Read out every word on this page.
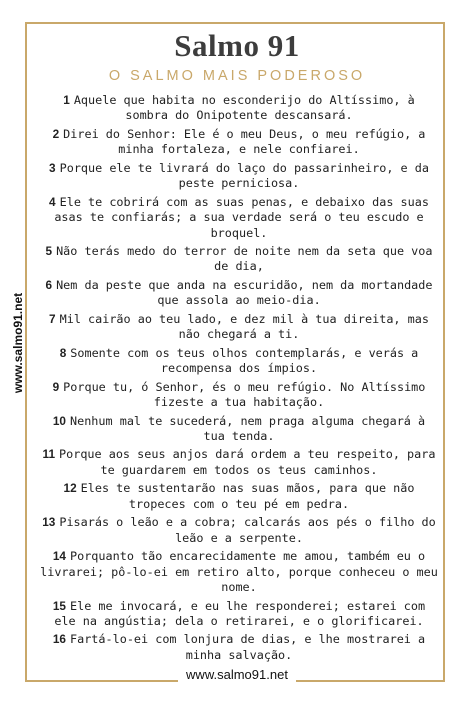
www.salmo91.net
Salmo 91
O SALMO MAIS PODEROSO
1 Aquele que habita no esconderijo do Altíssimo, à sombra do Onipotente descansará.
2 Direi do Senhor: Ele é o meu Deus, o meu refúgio, a minha fortaleza, e nele confiarei.
3 Porque ele te livrará do laço do passarinheiro, e da peste perniciosa.
4 Ele te cobrirá com as suas penas, e debaixo das suas asas te confiarás; a sua verdade será o teu escudo e broquel.
5 Não terás medo do terror de noite nem da seta que voa de dia,
6 Nem da peste que anda na escuridão, nem da mortandade que assola ao meio-dia.
7 Mil cairão ao teu lado, e dez mil à tua direita, mas não chegará a ti.
8 Somente com os teus olhos contemplarás, e verás a recompensa dos ímpios.
9 Porque tu, ó Senhor, és o meu refúgio. No Altíssimo fizeste a tua habitação.
10 Nenhum mal te sucederá, nem praga alguma chegará à tua tenda.
11 Porque aos seus anjos dará ordem a teu respeito, para te guardarem em todos os teus caminhos.
12 Eles te sustentarão nas suas mãos, para que não tropeces com o teu pé em pedra.
13 Pisarás o leão e a cobra; calcarás aos pés o filho do leão e a serpente.
14 Porquanto tão encarecidamente me amou, também eu o livrarei; pô-lo-ei em retiro alto, porque conheceu o meu nome.
15 Ele me invocará, e eu lhe responderei; estarei com ele na angústia; dela o retirarei, e o glorificarei.
16 Fartá-lo-ei com lonjura de dias, e lhe mostrarei a minha salvação.
www.salmo91.net
